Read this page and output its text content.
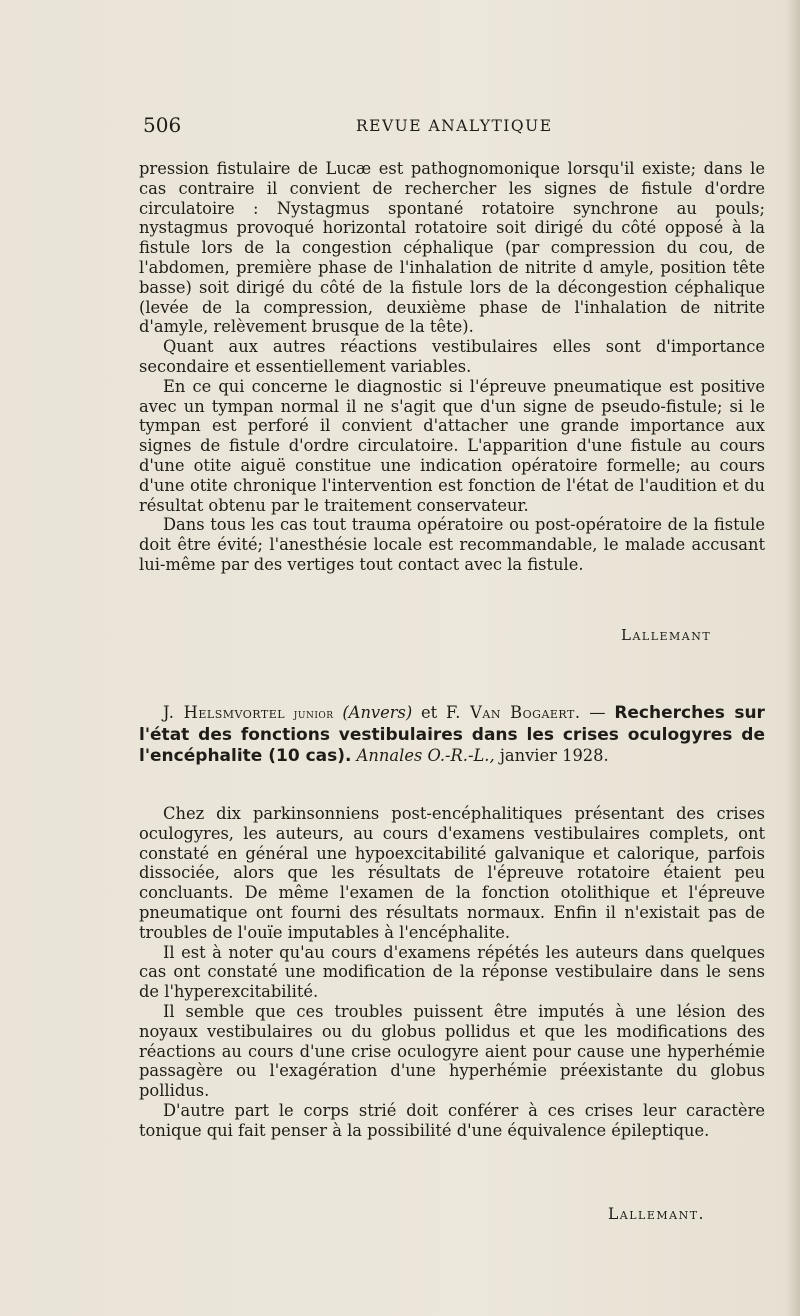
506	REVUE ANALYTIQUE

pression fistulaire de Lucæ est pathognomonique lorsqu'il existe; dans le cas contraire il convient de rechercher les signes de fistule d'ordre circulatoire : Nystagmus spontané rotatoire synchrone au pouls; nystagmus provoqué horizontal rotatoire soit dirigé du côté opposé à la fistule lors de la congestion céphalique (par compression du cou, de l'abdomen, première phase de l'inhalation de nitrite d amyle, position tête basse) soit dirigé du côté de la fistule lors de la décongestion céphalique (levée de la compression, deuxième phase de l'inhalation de nitrite d'amyle, relèvement brusque de la tête).

Quant aux autres réactions vestibulaires elles sont d'importance secondaire et essentiellement variables.

En ce qui concerne le diagnostic si l'épreuve pneumatique est positive avec un tympan normal il ne s'agit que d'un signe de pseudo-fistule; si le tympan est perforé il convient d'attacher une grande importance aux signes de fistule d'ordre circulatoire. L'apparition d'une fistule au cours d'une otite aiguë constitue une indication opératoire formelle; au cours d'une otite chronique l'intervention est fonction de l'état de l'audition et du résultat obtenu par le traitement conservateur.

Dans tous les cas tout trauma opératoire ou post-opératoire de la fistule doit être évité; l'anesthésie locale est recommandable, le malade accusant lui-même par des vertiges tout contact avec la fistule.

Lallemant

J. Helsmvortel junior (Anvers) et F. Van Bogaert. — Recherches sur l'état des fonctions vestibulaires dans les crises oculogyres de l'encéphalite (10 cas). Annales O.-R.-L., janvier 1928.

Chez dix parkinsonniens post-encéphalitiques présentant des crises oculogyres, les auteurs, au cours d'examens vestibulaires complets, ont constaté en général une hypoexcitabilité galvanique et calorique, parfois dissociée, alors que les résultats de l'épreuve rotatoire étaient peu concluants. De même l'examen de la fonction otolithique et l'épreuve pneumatique ont fourni des résultats normaux. Enfin il n'existait pas de troubles de l'ouïe imputables à l'encéphalite.

Il est à noter qu'au cours d'examens répétés les auteurs dans quelques cas ont constaté une modification de la réponse vestibulaire dans le sens de l'hyperexcitabilité.

Il semble que ces troubles puissent être imputés à une lésion des noyaux vestibulaires ou du globus pollidus et que les modifications des réactions au cours d'une crise oculogyre aient pour cause une hyperhémie passagère ou l'exagération d'une hyperhémie préexistante du globus pollidus.

D'autre part le corps strié doit conférer à ces crises leur caractère tonique qui fait penser à la possibilité d'une équivalence épileptique.

Lallemant.
